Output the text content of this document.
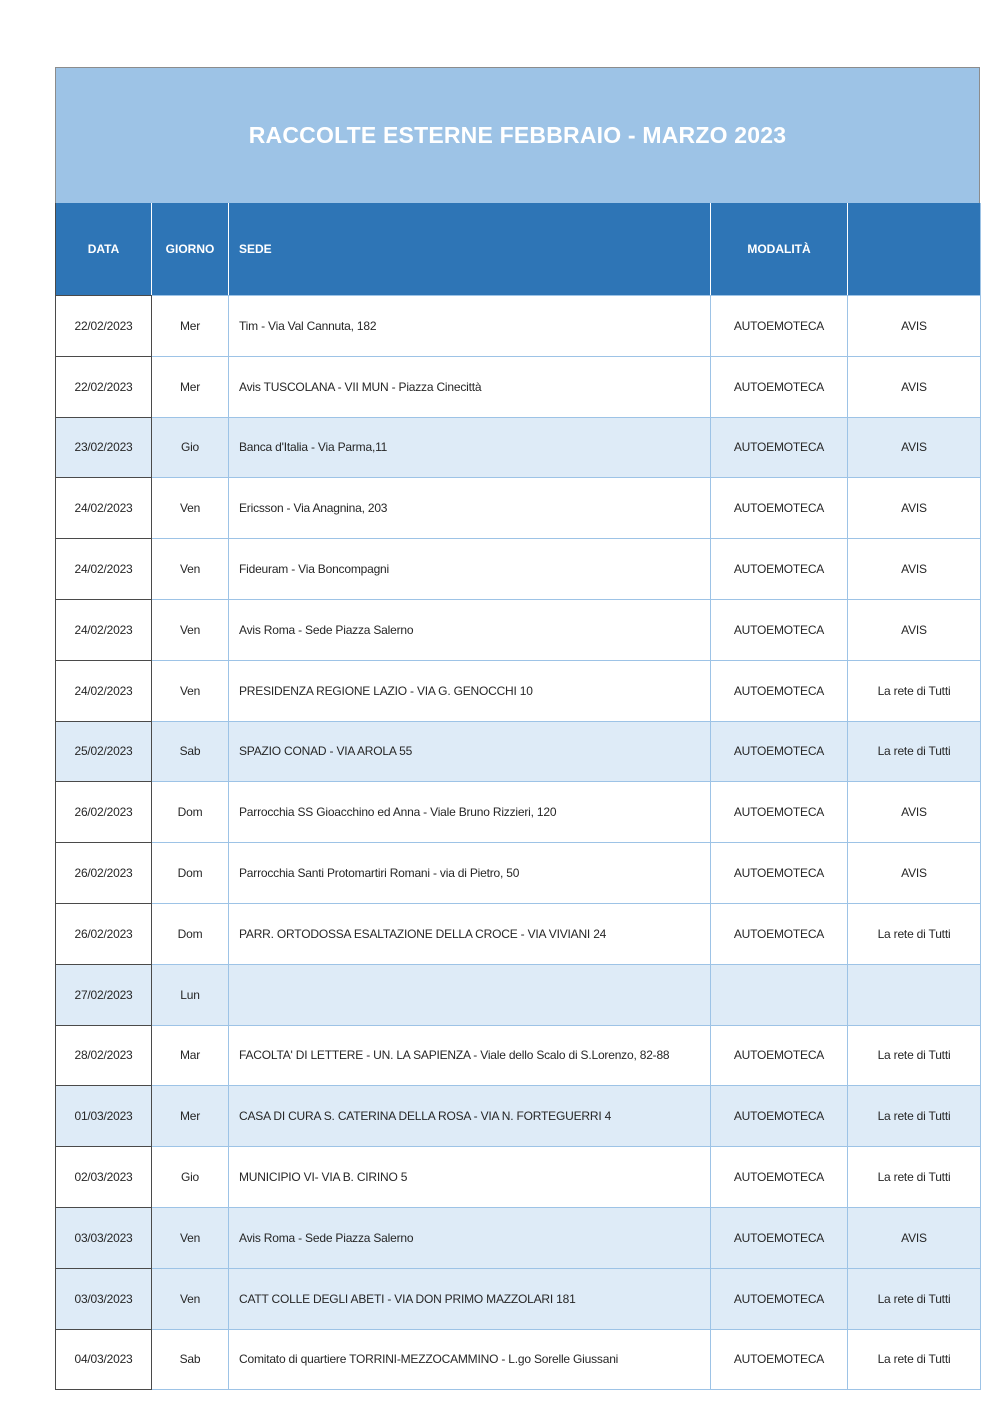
RACCOLTE ESTERNE FEBBRAIO - MARZO 2023
DATA	GIORNO	SEDE	MODALITÀ	
22/02/2023	Mer	Tim - Via Val Cannuta, 182	AUTOEMOTECA	AVIS
22/02/2023	Mer	Avis TUSCOLANA - VII MUN - Piazza Cinecittà	AUTOEMOTECA	AVIS
23/02/2023	Gio	Banca d'Italia - Via Parma,11	AUTOEMOTECA	AVIS
24/02/2023	Ven	Ericsson - Via Anagnina, 203	AUTOEMOTECA	AVIS
24/02/2023	Ven	Fideuram - Via Boncompagni	AUTOEMOTECA	AVIS
24/02/2023	Ven	Avis Roma - Sede Piazza Salerno	AUTOEMOTECA	AVIS
24/02/2023	Ven	PRESIDENZA REGIONE LAZIO - VIA G. GENOCCHI 10	AUTOEMOTECA	La rete di Tutti
25/02/2023	Sab	SPAZIO CONAD - VIA AROLA 55	AUTOEMOTECA	La rete di Tutti
26/02/2023	Dom	Parrocchia SS Gioacchino ed Anna - Viale Bruno Rizzieri, 120	AUTOEMOTECA	AVIS
26/02/2023	Dom	Parrocchia Santi Protomartiri Romani - via di Pietro, 50	AUTOEMOTECA	AVIS
26/02/2023	Dom	PARR. ORTODOSSA ESALTAZIONE DELLA CROCE - VIA VIVIANI 24	AUTOEMOTECA	La rete di Tutti
27/02/2023	Lun			
28/02/2023	Mar	FACOLTA' DI LETTERE - UN. LA SAPIENZA - Viale dello Scalo di S.Lorenzo, 82-88	AUTOEMOTECA	La rete di Tutti
01/03/2023	Mer	CASA DI CURA S. CATERINA DELLA ROSA - VIA N. FORTEGUERRI 4	AUTOEMOTECA	La rete di Tutti
02/03/2023	Gio	MUNICIPIO VI- VIA B. CIRINO 5	AUTOEMOTECA	La rete di Tutti
03/03/2023	Ven	Avis Roma - Sede Piazza Salerno	AUTOEMOTECA	AVIS
03/03/2023	Ven	CATT COLLE DEGLI ABETI - VIA DON PRIMO MAZZOLARI 181	AUTOEMOTECA	La rete di Tutti
04/03/2023	Sab	Comitato di quartiere TORRINI-MEZZOCAMMINO - L.go Sorelle Giussani	AUTOEMOTECA	La rete di Tutti
